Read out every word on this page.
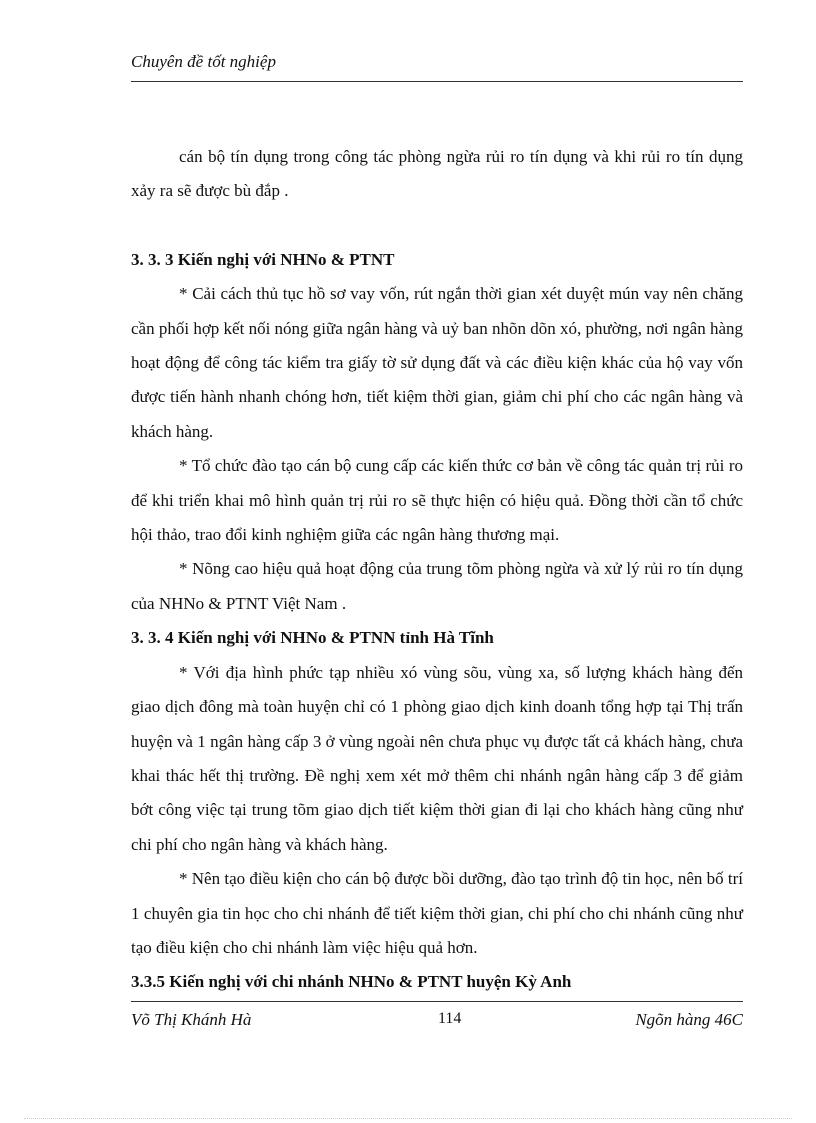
Chuyên đề tốt nghiệp

cán bộ tín dụng trong công tác phòng ngừa rủi ro tín dụng và khi rủi ro tín dụng xảy ra sẽ được bù đắp .

3. 3. 3 Kiến nghị với NHNo & PTNT

* Cải cách thủ tục hồ sơ vay vốn, rút ngắn thời gian xét duyệt mún vay nên chăng cần phối hợp kết nối nóng giữa ngân hàng và uỷ ban nhõn dõn xó, phường, nơi ngân hàng hoạt động để công tác kiểm tra giấy tờ sử dụng đất và các điều kiện khác của hộ vay vốn được tiến hành nhanh chóng hơn, tiết kiệm thời gian, giảm chi phí cho các ngân hàng và khách hàng.

* Tổ chức đào tạo cán bộ cung cấp các kiến thức cơ bản về công tác quản trị rủi ro để khi triển khai mô hình quản trị rủi ro sẽ thực hiện có hiệu quả. Đồng thời cần tổ chức hội thảo, trao đổi kinh nghiệm giữa các ngân hàng thương mại.

* Nõng cao hiệu quả hoạt động của trung tõm phòng ngừa và xử lý rủi ro tín dụng của NHNo & PTNT Việt Nam .

3. 3. 4 Kiến nghị với NHNo & PTNN tỉnh Hà Tĩnh

* Với địa hình phức tạp nhiều xó vùng sõu, vùng xa, số lượng khách hàng đến giao dịch đông mà toàn huyện chỉ có 1 phòng giao dịch kinh doanh tổng hợp tại Thị trấn huyện và 1 ngân hàng cấp 3 ở vùng ngoài nên chưa phục vụ được tất cả khách hàng, chưa khai thác hết thị trường. Đề nghị xem xét mở thêm chi nhánh ngân hàng cấp 3 để giảm bớt công việc tại trung tõm giao dịch tiết kiệm thời gian đi lại cho khách hàng cũng như chi phí cho ngân hàng và khách hàng.

* Nên tạo điều kiện cho cán bộ được bồi dưỡng, đào tạo trình độ tin học, nên bố trí 1 chuyên gia tin học cho chi nhánh để tiết kiệm thời gian, chi phí cho chi nhánh cũng như tạo điều kiện cho chi nhánh làm việc hiệu quả hơn.

3.3.5 Kiến nghị với chi nhánh NHNo & PTNT huyện Kỳ Anh
Võ Thị Khánh Hà	114	Ngõn hàng 46C
